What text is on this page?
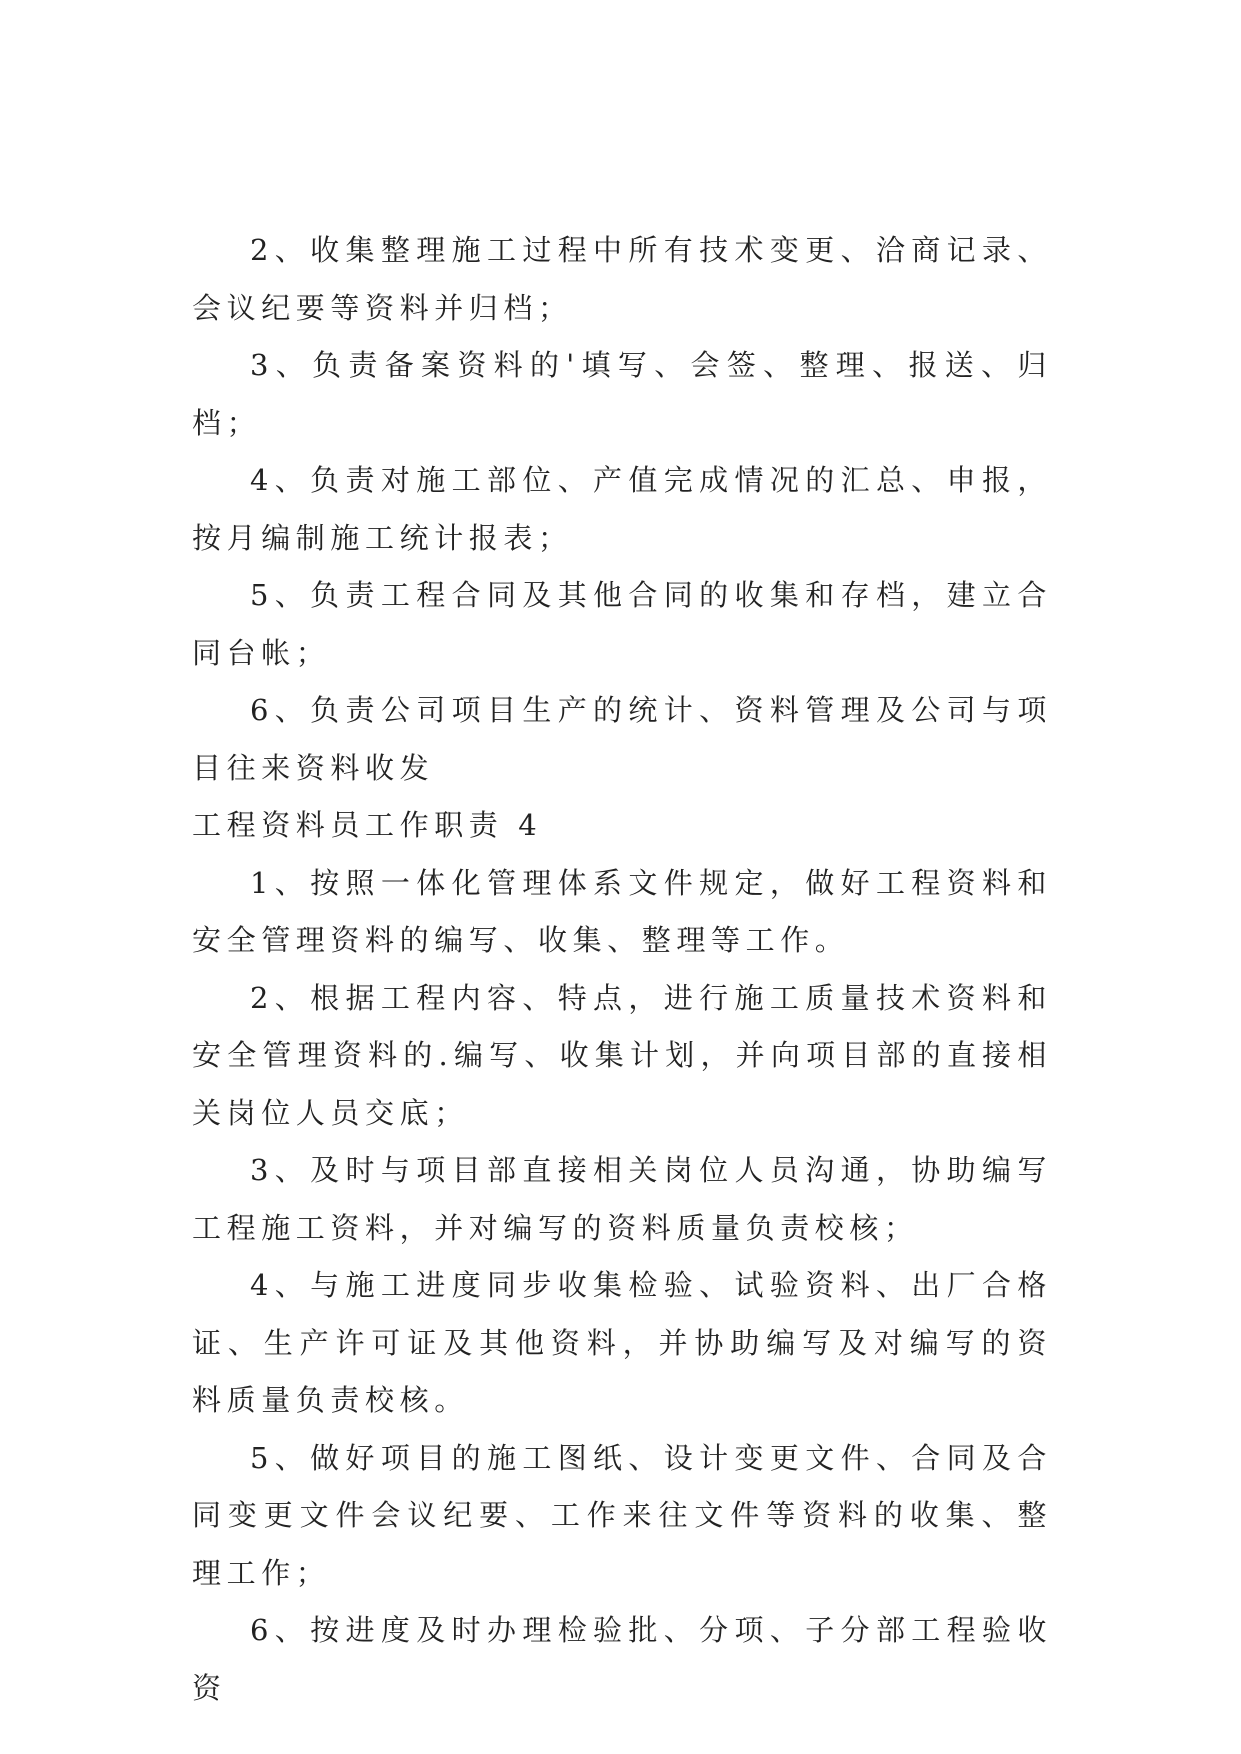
2、收集整理施工过程中所有技术变更、洽商记录、会议纪要等资料并归档；

3、负责备案资料的'填写、会签、整理、报送、归档；

4、负责对施工部位、产值完成情况的汇总、申报，按月编制施工统计报表；

5、负责工程合同及其他合同的收集和存档，建立合同台帐；

6、负责公司项目生产的统计、资料管理及公司与项目往来资料收发

工程资料员工作职责 4

1、按照一体化管理体系文件规定，做好工程资料和安全管理资料的编写、收集、整理等工作。

2、根据工程内容、特点，进行施工质量技术资料和安全管理资料的.编写、收集计划，并向项目部的直接相关岗位人员交底；

3、及时与项目部直接相关岗位人员沟通，协助编写工程施工资料，并对编写的资料质量负责校核；

4、与施工进度同步收集检验、试验资料、出厂合格证、生产许可证及其他资料，并协助编写及对编写的资料质量负责校核。

5、做好项目的施工图纸、设计变更文件、合同及合同变更文件会议纪要、工作来往文件等资料的收集、整理工作；

6、按进度及时办理检验批、分项、子分部工程验收资
